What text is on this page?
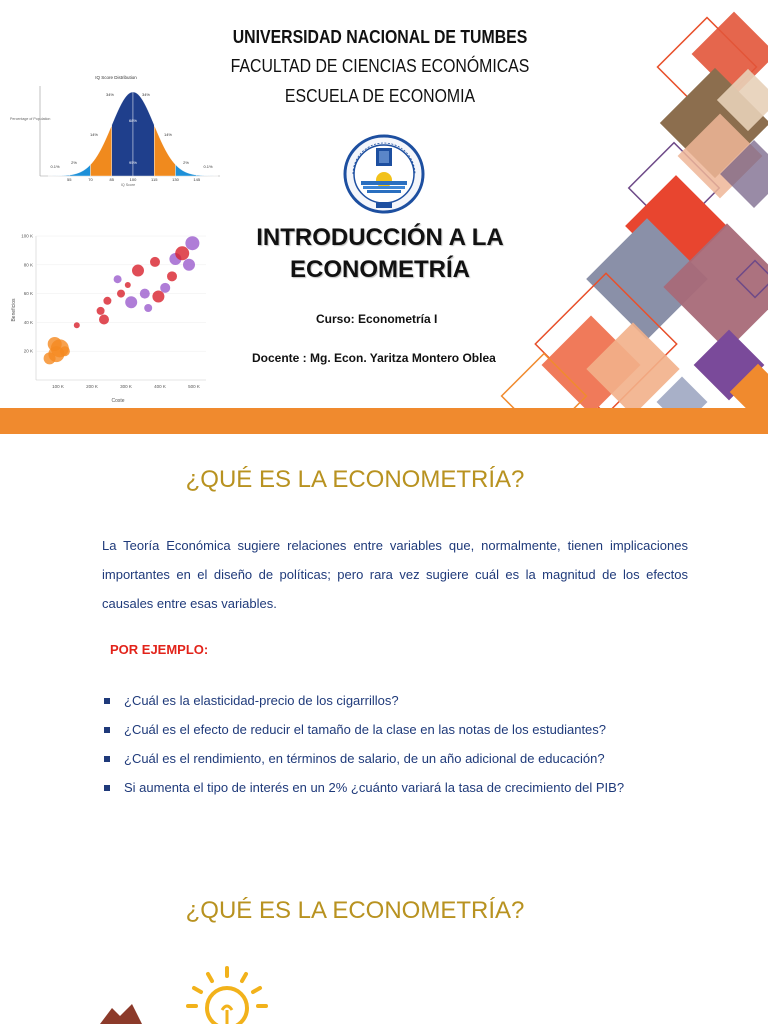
UNIVERSIDAD NACIONAL DE TUMBES
FACULTAD DE CIENCIAS ECONÓMICAS
ESCUELA DE ECONOMIA
INTRODUCCIÓN A LA
ECONOMETRÍA
Curso: Econometría I
Docente : Mg. Econ. Yaritza Montero Oblea
IQ Score Distribution
Percentage of Population
0.1%
2%
14%
34%	34%
14%
2%
0.1%
68%
95%
55	70	85	100	115	130	145
IQ Score
20 K
40 K
60 K
80 K
100 K
100 K	200 K	300 K	400 K	500 K
Coste
Beneficios
¿QUÉ ES LA ECONOMETRÍA?

La Teoría Económica sugiere relaciones entre variables que, normalmente, tienen implicaciones importantes en el diseño de políticas; pero rara vez sugiere cuál es la magnitud de los efectos causales entre esas variables.

POR EJEMPLO:
¿Cuál es la elasticidad-precio de los cigarrillos?
¿Cuál es el efecto de reducir el tamaño de la clase en las notas de los estudiantes?
¿Cuál es el rendimiento, en términos de salario, de un año adicional de educación?
Si aumenta el tipo de interés en un 2% ¿cuánto variará la tasa de crecimiento del PIB?
¿QUÉ ES LA ECONOMETRÍA?
